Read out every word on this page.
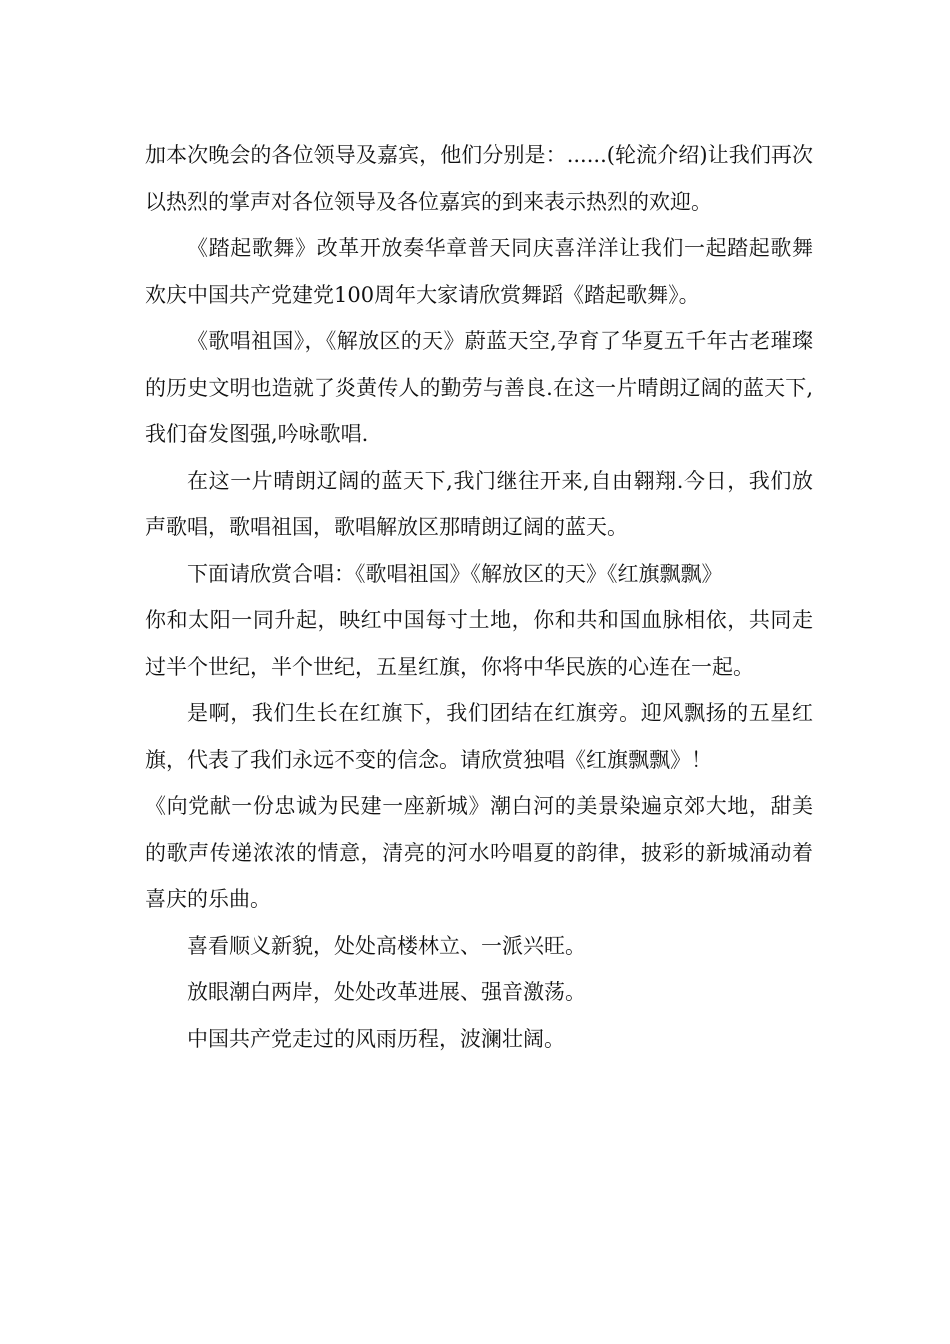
加本次晚会的各位领导及嘉宾，他们分别是：......(轮流介绍)让我们再次以热烈的掌声对各位领导及各位嘉宾的到来表示热烈的欢迎。

《踏起歌舞》改革开放奏华章普天同庆喜洋洋让我们一起踏起歌舞欢庆中国共产党建党100周年大家请欣赏舞蹈《踏起歌舞》。

《歌唱祖国》，《解放区的天》蔚蓝天空,孕育了华夏五千年古老璀璨的历史文明也造就了炎黄传人的勤劳与善良.在这一片晴朗辽阔的蓝天下,我们奋发图强,吟咏歌唱.

在这一片晴朗辽阔的蓝天下,我门继往开来,自由翱翔.今日，我们放声歌唱，歌唱祖国，歌唱解放区那晴朗辽阔的蓝天。

下面请欣赏合唱：《歌唱祖国》《解放区的天》《红旗飘飘》

你和太阳一同升起，映红中国每寸土地，你和共和国血脉相依，共同走过半个世纪，半个世纪，五星红旗，你将中华民族的心连在一起。

是啊，我们生长在红旗下，我们团结在红旗旁。迎风飘扬的五星红旗，代表了我们永远不变的信念。请欣赏独唱《红旗飘飘》！

《向党献一份忠诚为民建一座新城》潮白河的美景染遍京郊大地，甜美的歌声传递浓浓的情意，清亮的河水吟唱夏的韵律，披彩的新城涌动着喜庆的乐曲。

喜看顺义新貌，处处高楼林立、一派兴旺。

放眼潮白两岸，处处改革进展、强音激荡。

中国共产党走过的风雨历程，波澜壮阔。
